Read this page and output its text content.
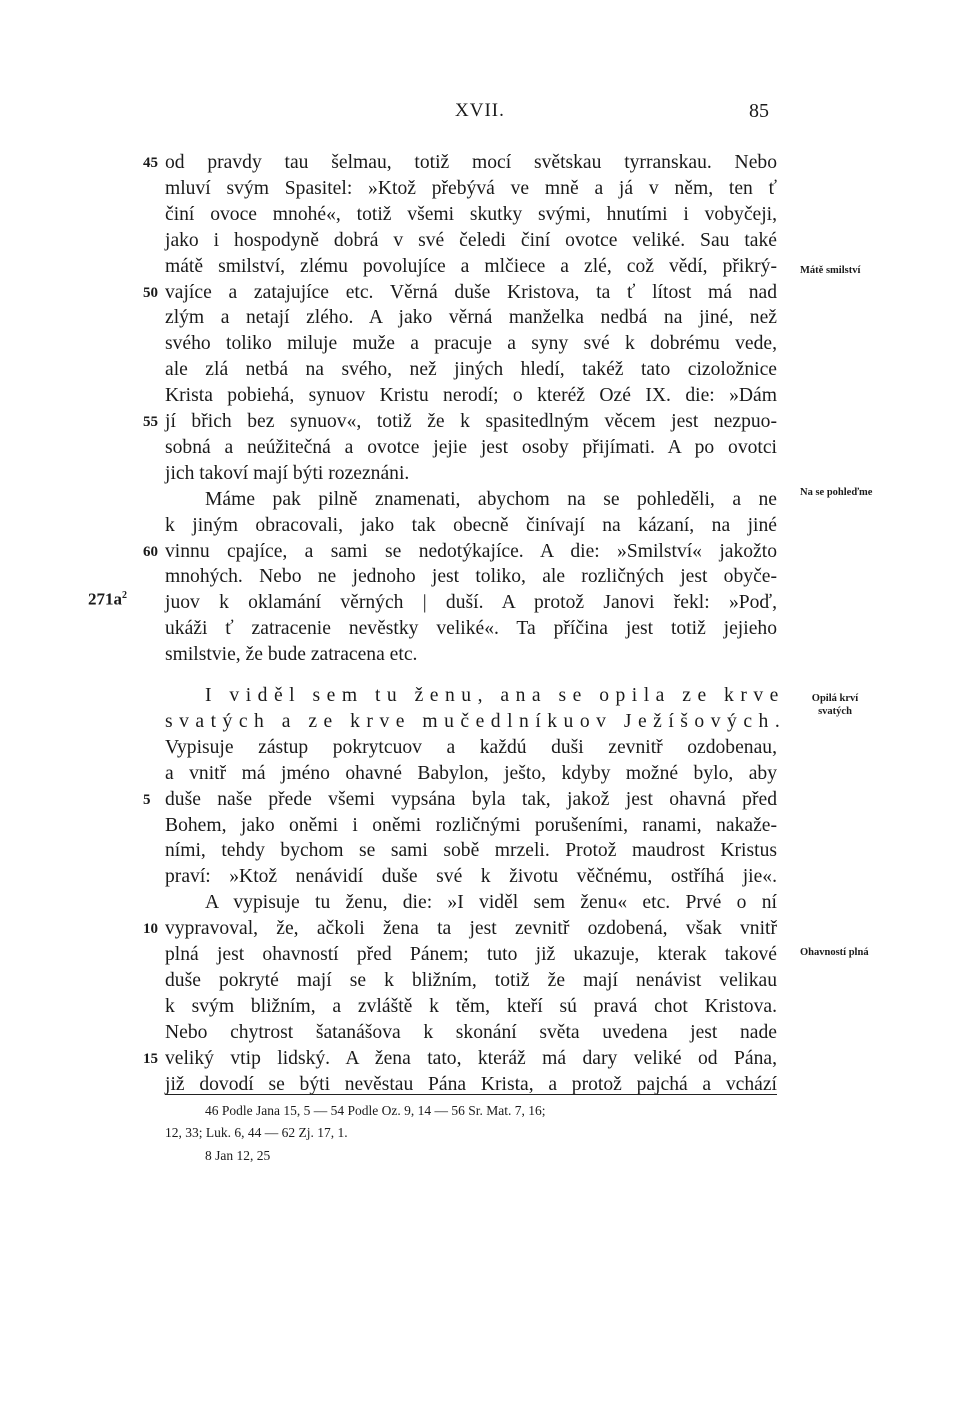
XVII.	85
45 od pravdy tau šelmau, totiž mocí světskau tyrranskau. Nebo
mluví svým Spasitel: »Ktož přebývá ve mně a já v něm, ten ť
činí ovoce mnohé«, totiž všemi skutky svými, hnutími i vobyčeji,
jako i hospodyně dobrá v své čeledi činí ovotce veliké. Sau také
mátě smilství, zlému povolujíce a mlčiece a zlé, což vědí, přikrý-
50 vajíce a zatajujíce etc. Věrná duše Kristova, ta ť lítost má nad
zlým a netají zlého. A jako věrná manželka nedbá na jiné, než
svého toliko miluje muže a pracuje a syny své k dobrému vede,
ale zlá netbá na svého, než jiných hledí, takéž tato cizoložnice
Krista pobiehá, synuov Kristu nerodí; o kteréž Ozé IX. die: »Dám
55 jí břich bez synuov«, totiž že k spasitedlným věcem jest nezpuo-
sobná a neúžitečná a ovotce jejie jest osoby přijímati. A po ovotci
jich takoví mají býti rozeznáni.
Máme pak pilně znamenati, abychom na se pohleděli, a ne
k jiným obracovali, jako tak obecně činívají na kázaní, na jiné
60 vinnu cpajíce, a sami se nedotýkajíce. A die: »Smilství« jakožto
mnohých. Nebo ne jednoho jest toliko, ale rozličných jest obyče-
juov k oklamání věrných | duší. A protož Janovi řekl: »Poď,
ukáži ť zatracenie nevěstky veliké«. Ta příčina jest totiž jejieho
smilstvie, že bude zatracena etc.
I viděl sem tu ženu, ana se opila ze krve
svatých a ze krve mučedlníkuov Ježíšových.
Vypisuje zástup pokrytcuov a každú duši zevnitř ozdobenau,
a vnitř má jméno ohavné Babylon, ješto, kdyby možné bylo, aby
5 duše naše přede všemi vypsána byla tak, jakož jest ohavná před
Bohem, jako oněmi i oněmi rozličnými porušeními, ranami, nakaže-
ními, tehdy bychom se sami sobě mrzeli. Protož maudrost Kristus
praví: »Ktož nenávidí duše své k životu věčnému, ostříhá jie«.
A vypisuje tu ženu, die: »I viděl sem ženu« etc. Prvé o ní
10 vypravoval, že, ačkoli žena ta jest zevnitř ozdobená, však vnitř
plná jest ohavností před Pánem; tuto již ukazuje, kterak takové
duše pokryté mají se k bližním, totiž že mají nenávist velikau
k svým bližním, a zvláště k těm, kteří sú pravá chot Kristova.
Nebo chytrost šatanášova k skonání světa uvedena jest nade
15 veliký vtip lidský. A žena tato, kteráž má dary veliké od Pána,
již dovodí se býti nevěstau Pána Krista, a protož pajchá a vchází
$271a^2$
Mátě smilství
Na se pohleďme
Opilá krví svatých
Ohavností plná
46 Podle Jana 15, 5 — 54 Podle Oz. 9, 14 — 56 Sr. Mat. 7, 16;
12, 33; Luk. 6, 44 — 62 Zj. 17, 1.
8 Jan 12, 25
